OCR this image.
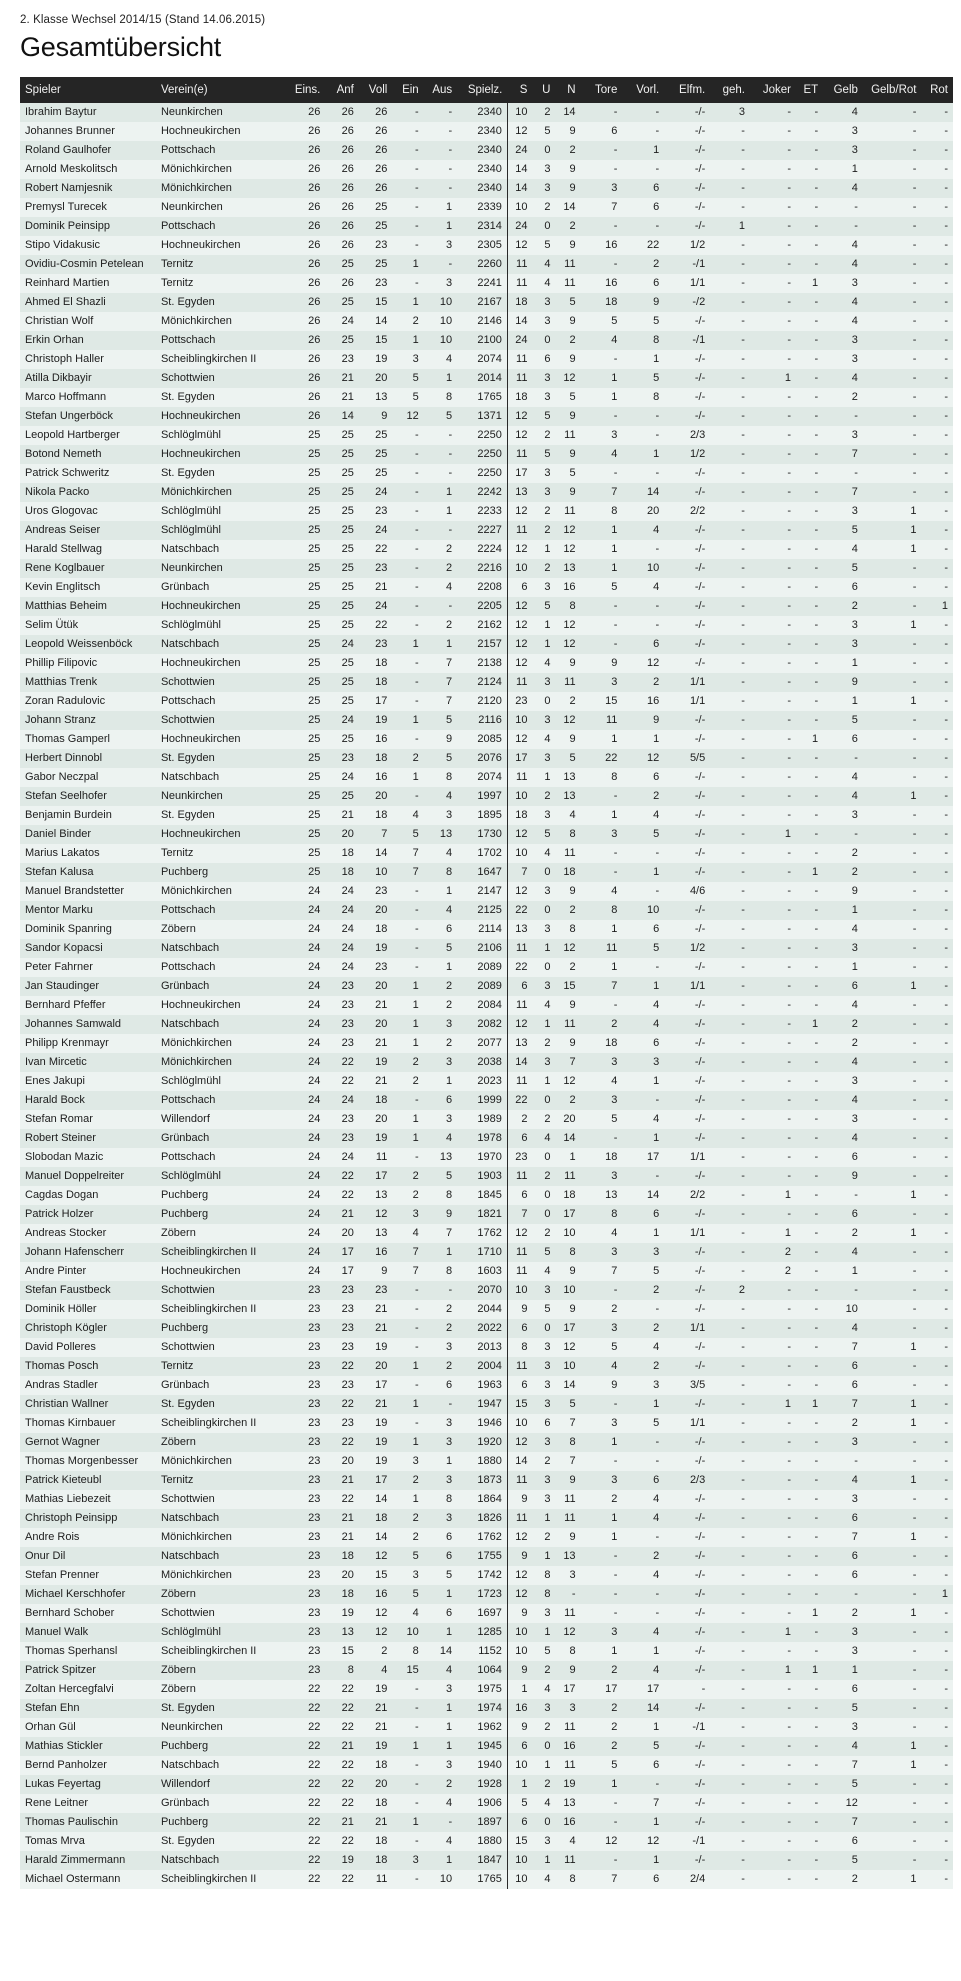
2. Klasse Wechsel 2014/15 (Stand 14.06.2015)
Gesamtübersicht
Spieler	Verein(e)	Eins.	Anf	Voll	Ein	Aus	Spielz.	S	U	N	Tore	Vorl.	Elfm.	geh.	Joker	ET	Gelb	Gelb/Rot	Rot
Ibrahim Baytur	Neunkirchen	26	26	26	-	-	2340	10	2	14	-	-	-/-	3	-	-	4	-	-
Johannes Brunner	Hochneukirchen	26	26	26	-	-	2340	12	5	9	6	-	-/-	-	-	-	3	-	-
Roland Gaulhofer	Pottschach	26	26	26	-	-	2340	24	0	2	-	1	-/-	-	-	-	3	-	-
Arnold Meskolitsch	Mönichkirchen	26	26	26	-	-	2340	14	3	9	-	-	-/-	-	-	-	1	-	-
Robert Namjesnik	Mönichkirchen	26	26	26	-	-	2340	14	3	9	3	6	-/-	-	-	-	4	-	-
Premysl Turecek	Neunkirchen	26	26	25	-	1	2339	10	2	14	7	6	-/-	-	-	-	-	-	-
Dominik Peinsipp	Pottschach	26	26	25	-	1	2314	24	0	2	-	-	-/-	1	-	-	-	-	-
Stipo Vidakusic	Hochneukirchen	26	26	23	-	3	2305	12	5	9	16	22	1/2	-	-	-	4	-	-
Ovidiu-Cosmin Petelean	Ternitz	26	25	25	1	-	2260	11	4	11	-	2	-/1	-	-	-	4	-	-
Reinhard Martien	Ternitz	26	26	23	-	3	2241	11	4	11	16	6	1/1	-	-	1	3	-	-
Ahmed El Shazli	St. Egyden	26	25	15	1	10	2167	18	3	5	18	9	-/2	-	-	-	4	-	-
Christian Wolf	Mönichkirchen	26	24	14	2	10	2146	14	3	9	5	5	-/-	-	-	-	4	-	-
Erkin Orhan	Pottschach	26	25	15	1	10	2100	24	0	2	4	8	-/1	-	-	-	3	-	-
Christoph Haller	Scheiblingkirchen II	26	23	19	3	4	2074	11	6	9	-	1	-/-	-	-	-	3	-	-
Atilla Dikbayir	Schottwien	26	21	20	5	1	2014	11	3	12	1	5	-/-	-	1	-	4	-	-
Marco Hoffmann	St. Egyden	26	21	13	5	8	1765	18	3	5	1	8	-/-	-	-	-	2	-	-
Stefan Ungerböck	Hochneukirchen	26	14	9	12	5	1371	12	5	9	-	-	-/-	-	-	-	-	-	-
Leopold Hartberger	Schlöglmühl	25	25	25	-	-	2250	12	2	11	3	-	2/3	-	-	-	3	-	-
Botond Nemeth	Hochneukirchen	25	25	25	-	-	2250	11	5	9	4	1	1/2	-	-	-	7	-	-
Patrick Schweritz	St. Egyden	25	25	25	-	-	2250	17	3	5	-	-	-/-	-	-	-	-	-	-
Nikola Packo	Mönichkirchen	25	25	24	-	1	2242	13	3	9	7	14	-/-	-	-	-	7	-	-
Uros Glogovac	Schlöglmühl	25	25	23	-	1	2233	12	2	11	8	20	2/2	-	-	-	3	1	-
Andreas Seiser	Schlöglmühl	25	25	24	-	-	2227	11	2	12	1	4	-/-	-	-	-	5	1	-
Harald Stellwag	Natschbach	25	25	22	-	2	2224	12	1	12	1	-	-/-	-	-	-	4	1	-
Rene Koglbauer	Neunkirchen	25	25	23	-	2	2216	10	2	13	1	10	-/-	-	-	-	5	-	-
Kevin Englitsch	Grünbach	25	25	21	-	4	2208	6	3	16	5	4	-/-	-	-	-	6	-	-
Matthias Beheim	Hochneukirchen	25	25	24	-	-	2205	12	5	8	-	-	-/-	-	-	-	2	-	1
Selim Ütük	Schlöglmühl	25	25	22	-	2	2162	12	1	12	-	-	-/-	-	-	-	3	1	-
Leopold Weissenböck	Natschbach	25	24	23	1	1	2157	12	1	12	-	6	-/-	-	-	-	3	-	-
Phillip Filipovic	Hochneukirchen	25	25	18	-	7	2138	12	4	9	9	12	-/-	-	-	-	1	-	-
Matthias Trenk	Schottwien	25	25	18	-	7	2124	11	3	11	3	2	1/1	-	-	-	9	-	-
Zoran Radulovic	Pottschach	25	25	17	-	7	2120	23	0	2	15	16	1/1	-	-	-	1	1	-
Johann Stranz	Schottwien	25	24	19	1	5	2116	10	3	12	11	9	-/-	-	-	-	5	-	-
Thomas Gamperl	Hochneukirchen	25	25	16	-	9	2085	12	4	9	1	1	-/-	-	-	1	6	-	-
Herbert Dinnobl	St. Egyden	25	23	18	2	5	2076	17	3	5	22	12	5/5	-	-	-	-	-	-
Gabor Neczpal	Natschbach	25	24	16	1	8	2074	11	1	13	8	6	-/-	-	-	-	4	-	-
Stefan Seelhofer	Neunkirchen	25	25	20	-	4	1997	10	2	13	-	2	-/-	-	-	-	4	1	-
Benjamin Burdein	St. Egyden	25	21	18	4	3	1895	18	3	4	1	4	-/-	-	-	-	3	-	-
Daniel Binder	Hochneukirchen	25	20	7	5	13	1730	12	5	8	3	5	-/-	-	1	-	-	-	-
Marius Lakatos	Ternitz	25	18	14	7	4	1702	10	4	11	-	-	-/-	-	-	-	2	-	-
Stefan Kalusa	Puchberg	25	18	10	7	8	1647	7	0	18	-	1	-/-	-	-	1	2	-	-
Manuel Brandstetter	Mönichkirchen	24	24	23	-	1	2147	12	3	9	4	-	4/6	-	-	-	9	-	-
Mentor Marku	Pottschach	24	24	20	-	4	2125	22	0	2	8	10	-/-	-	-	-	1	-	-
Dominik Spanring	Zöbern	24	24	18	-	6	2114	13	3	8	1	6	-/-	-	-	-	4	-	-
Sandor Kopacsi	Natschbach	24	24	19	-	5	2106	11	1	12	11	5	1/2	-	-	-	3	-	-
Peter Fahrner	Pottschach	24	24	23	-	1	2089	22	0	2	1	-	-/-	-	-	-	1	-	-
Jan Staudinger	Grünbach	24	23	20	1	2	2089	6	3	15	7	1	1/1	-	-	-	6	1	-
Bernhard Pfeffer	Hochneukirchen	24	23	21	1	2	2084	11	4	9	-	4	-/-	-	-	-	4	-	-
Johannes Samwald	Natschbach	24	23	20	1	3	2082	12	1	11	2	4	-/-	-	-	1	2	-	-
Philipp Krenmayr	Mönichkirchen	24	23	21	1	2	2077	13	2	9	18	6	-/-	-	-	-	2	-	-
Ivan Mircetic	Mönichkirchen	24	22	19	2	3	2038	14	3	7	3	3	-/-	-	-	-	4	-	-
Enes Jakupi	Schlöglmühl	24	22	21	2	1	2023	11	1	12	4	1	-/-	-	-	-	3	-	-
Harald Bock	Pottschach	24	24	18	-	6	1999	22	0	2	3	-	-/-	-	-	-	4	-	-
Stefan Romar	Willendorf	24	23	20	1	3	1989	2	2	20	5	4	-/-	-	-	-	3	-	-
Robert Steiner	Grünbach	24	23	19	1	4	1978	6	4	14	-	1	-/-	-	-	-	4	-	-
Slobodan Mazic	Pottschach	24	24	11	-	13	1970	23	0	1	18	17	1/1	-	-	-	6	-	-
Manuel Doppelreiter	Schlöglmühl	24	22	17	2	5	1903	11	2	11	3	-	-/-	-	-	-	9	-	-
Cagdas Dogan	Puchberg	24	22	13	2	8	1845	6	0	18	13	14	2/2	-	1	-	-	1	-
Patrick Holzer	Puchberg	24	21	12	3	9	1821	7	0	17	8	6	-/-	-	-	-	6	-	-
Andreas Stocker	Zöbern	24	20	13	4	7	1762	12	2	10	4	1	1/1	-	1	-	2	1	-
Johann Hafenscherr	Scheiblingkirchen II	24	17	16	7	1	1710	11	5	8	3	3	-/-	-	2	-	4	-	-
Andre Pinter	Hochneukirchen	24	17	9	7	8	1603	11	4	9	7	5	-/-	-	2	-	1	-	-
Stefan Faustbeck	Schottwien	23	23	23	-	-	2070	10	3	10	-	2	-/-	2	-	-	-	-	-
Dominik Höller	Scheiblingkirchen II	23	23	21	-	2	2044	9	5	9	2	-	-/-	-	-	-	10	-	-
Christoph Kögler	Puchberg	23	23	21	-	2	2022	6	0	17	3	2	1/1	-	-	-	4	-	-
David Polleres	Schottwien	23	23	19	-	3	2013	8	3	12	5	4	-/-	-	-	-	7	1	-
Thomas Posch	Ternitz	23	22	20	1	2	2004	11	3	10	4	2	-/-	-	-	-	6	-	-
Andras Stadler	Grünbach	23	23	17	-	6	1963	6	3	14	9	3	3/5	-	-	-	6	-	-
Christian Wallner	St. Egyden	23	22	21	1	-	1947	15	3	5	-	1	-/-	-	1	1	7	1	-
Thomas Kirnbauer	Scheiblingkirchen II	23	23	19	-	3	1946	10	6	7	3	5	1/1	-	-	-	2	1	-
Gernot Wagner	Zöbern	23	22	19	1	3	1920	12	3	8	1	-	-/-	-	-	-	3	-	-
Thomas Morgenbesser	Mönichkirchen	23	20	19	3	1	1880	14	2	7	-	-	-/-	-	-	-	-	-	-
Patrick Kieteubl	Ternitz	23	21	17	2	3	1873	11	3	9	3	6	2/3	-	-	-	4	1	-
Mathias Liebezeit	Schottwien	23	22	14	1	8	1864	9	3	11	2	4	-/-	-	-	-	3	-	-
Christoph Peinsipp	Natschbach	23	21	18	2	3	1826	11	1	11	1	4	-/-	-	-	-	6	-	-
Andre Rois	Mönichkirchen	23	21	14	2	6	1762	12	2	9	1	-	-/-	-	-	-	7	1	-
Onur Dil	Natschbach	23	18	12	5	6	1755	9	1	13	-	2	-/-	-	-	-	6	-	-
Stefan Prenner	Mönichkirchen	23	20	15	3	5	1742	12	8	3	-	4	-/-	-	-	-	6	-	-
Michael Kerschhofer	Zöbern	23	18	16	5	1	1723	12	8	-	-	-	-/-	-	-	-	-	-	1
Bernhard Schober	Schottwien	23	19	12	4	6	1697	9	3	11	-	-	-/-	-	-	1	2	1	-
Manuel Walk	Schlöglmühl	23	13	12	10	1	1285	10	1	12	3	4	-/-	-	1	-	3	-	-
Thomas Sperhansl	Scheiblingkirchen II	23	15	2	8	14	1152	10	5	8	1	1	-/-	-	-	-	3	-	-
Patrick Spitzer	Zöbern	23	8	4	15	4	1064	9	2	9	2	4	-/-	-	1	1	1	-	-
Zoltan Hercegfalvi	Zöbern	22	22	19	-	3	1975	1	4	17	17	17	-	-	-	-	6	-	-
Stefan Ehn	St. Egyden	22	22	21	-	1	1974	16	3	3	2	14	-/-	-	-	-	5	-	-
Orhan Gül	Neunkirchen	22	22	21	-	1	1962	9	2	11	2	1	-/1	-	-	-	3	-	-
Mathias Stickler	Puchberg	22	21	19	1	1	1945	6	0	16	2	5	-/-	-	-	-	4	1	-
Bernd Panholzer	Natschbach	22	22	18	-	3	1940	10	1	11	5	6	-/-	-	-	-	7	1	-
Lukas Feyertag	Willendorf	22	22	20	-	2	1928	1	2	19	1	-	-/-	-	-	-	5	-	-
Rene Leitner	Grünbach	22	22	18	-	4	1906	5	4	13	-	7	-/-	-	-	-	12	-	-
Thomas Paulischin	Puchberg	22	21	21	1	-	1897	6	0	16	-	1	-/-	-	-	-	7	-	-
Tomas Mrva	St. Egyden	22	22	18	-	4	1880	15	3	4	12	12	-/1	-	-	-	6	-	-
Harald Zimmermann	Natschbach	22	19	18	3	1	1847	10	1	11	-	1	-/-	-	-	-	5	-	-
Michael Ostermann	Scheiblingkirchen II	22	22	11	-	10	1765	10	4	8	7	6	2/4	-	-	-	2	1	-
